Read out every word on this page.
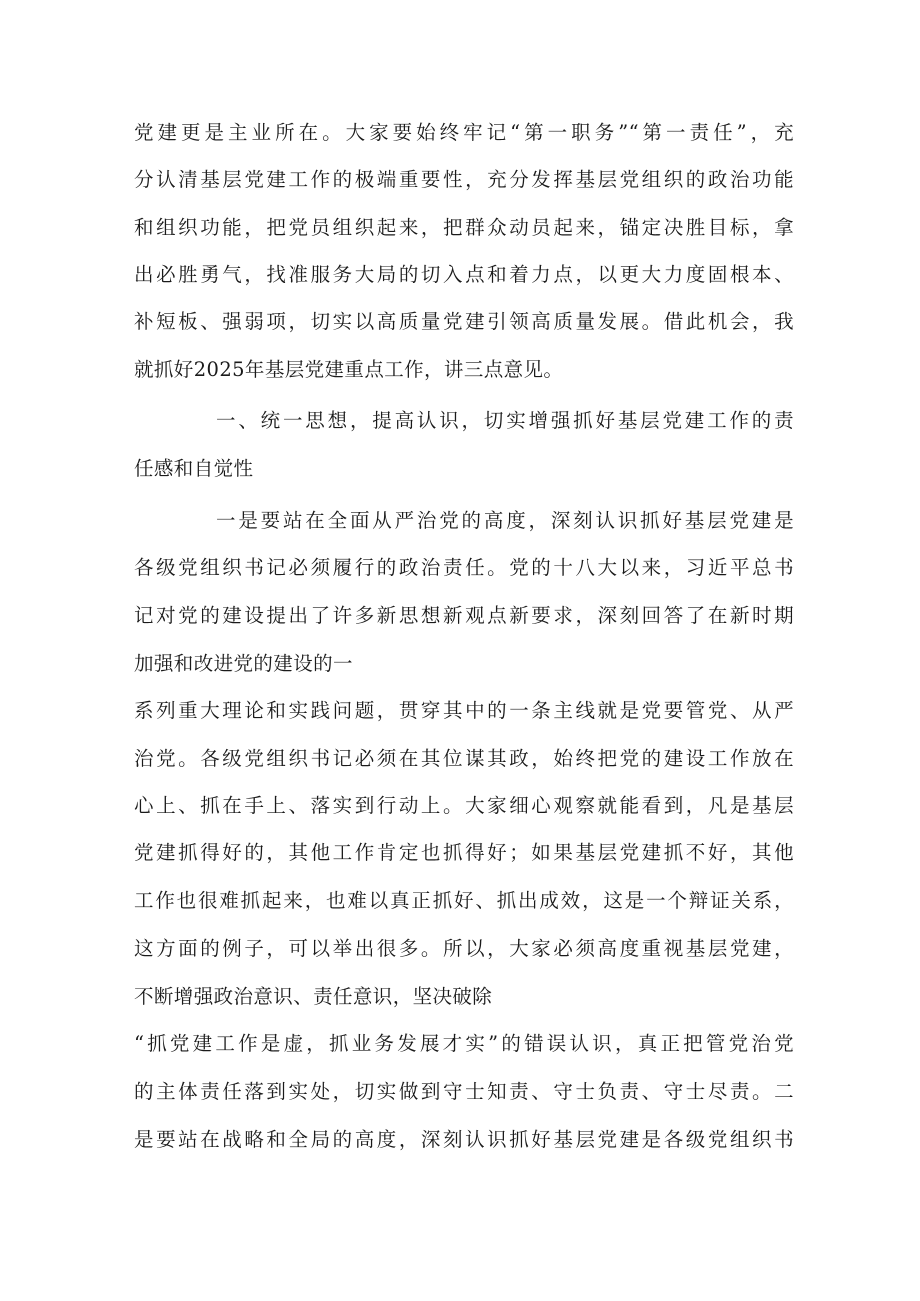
党建更是主业所在。大家要始终牢记“第一职务”“第一责任”，充
分认清基层党建工作的极端重要性，充分发挥基层党组织的政治功能
和组织功能，把党员组织起来，把群众动员起来，锚定决胜目标，拿
出必胜勇气，找准服务大局的切入点和着力点，以更大力度固根本、
补短板、强弱项，切实以高质量党建引领高质量发展。借此机会，我
就抓好2025年基层党建重点工作，讲三点意见。
一、统一思想，提高认识，切实增强抓好基层党建工作的责
任感和自觉性
一是要站在全面从严治党的高度，深刻认识抓好基层党建是
各级党组织书记必须履行的政治责任。党的十八大以来，习近平总书
记对党的建设提出了许多新思想新观点新要求，深刻回答了在新时期
加强和改进党的建设的一
系列重大理论和实践问题，贯穿其中的一条主线就是党要管党、从严
治党。各级党组织书记必须在其位谋其政，始终把党的建设工作放在
心上、抓在手上、落实到行动上。大家细心观察就能看到，凡是基层
党建抓得好的，其他工作肯定也抓得好；如果基层党建抓不好，其他
工作也很难抓起来，也难以真正抓好、抓出成效，这是一个辩证关系，
这方面的例子，可以举出很多。所以，大家必须高度重视基层党建，
不断增强政治意识、责任意识，坚决破除
“抓党建工作是虚，抓业务发展才实”的错误认识，真正把管党治党
的主体责任落到实处，切实做到守士知责、守士负责、守士尽责。二
是要站在战略和全局的高度，深刻认识抓好基层党建是各级党组织书
